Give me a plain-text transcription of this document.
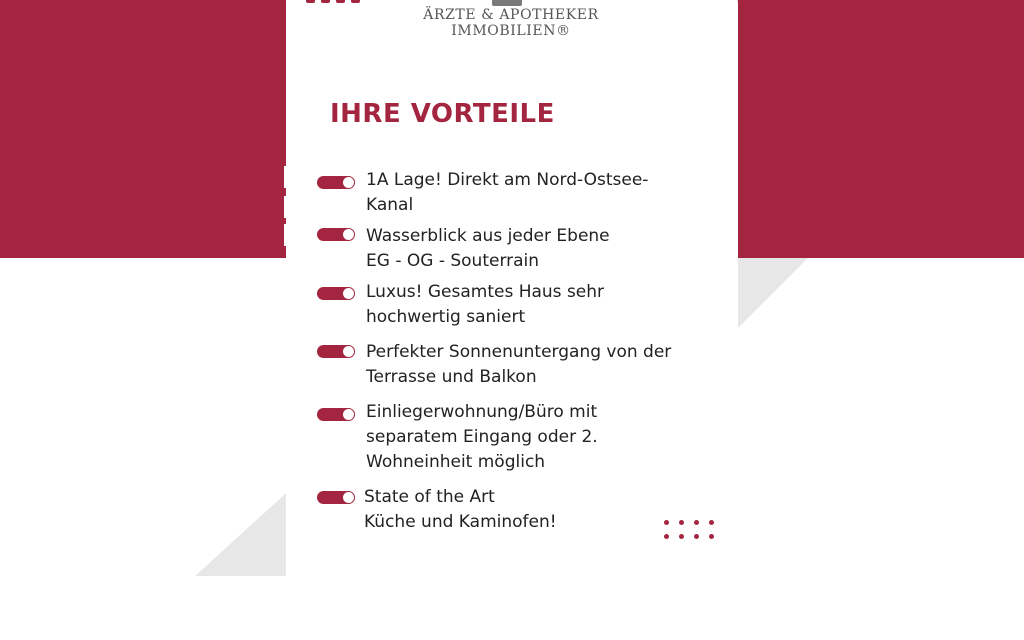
ÄRZTE & APOTHEKER
IMMOBILIEN®
IHRE VORTEILE
1A Lage! Direkt am Nord-Ostsee-
Kanal
Wasserblick aus jeder Ebene
EG - OG - Souterrain
Luxus! Gesamtes Haus sehr
hochwertig saniert
Perfekter Sonnenuntergang von der
Terrasse und Balkon
Einliegerwohnung/Büro mit
separatem Eingang oder 2.
Wohneinheit möglich
State of the Art
Küche und Kaminofen!
